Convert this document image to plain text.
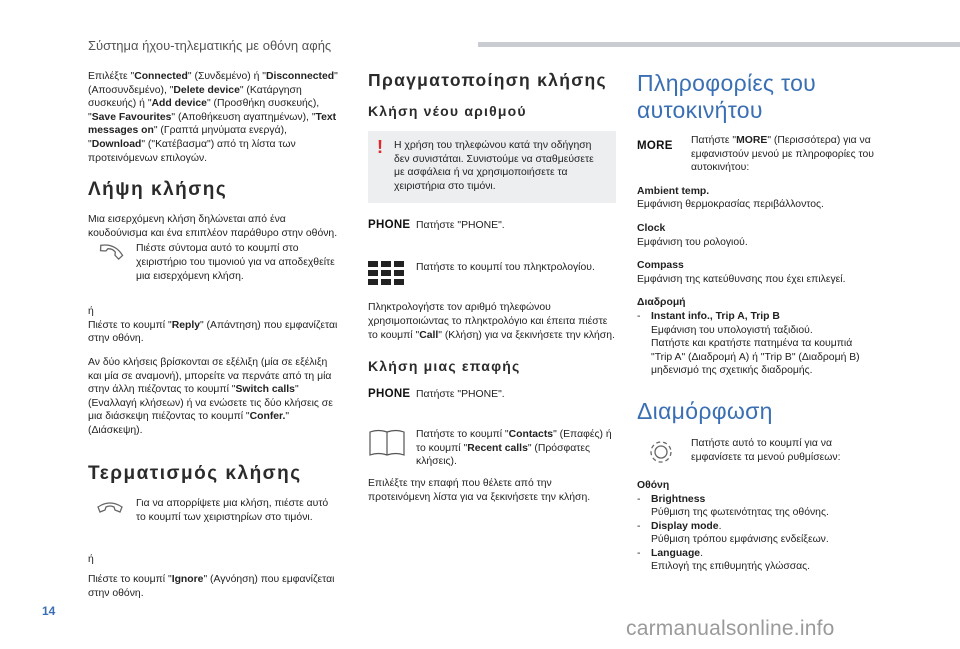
Σύστημα ήχου-τηλεματικής με οθόνη αφής

Επιλέξτε "Connected" (Συνδεμένο) ή "Disconnected" (Αποσυνδεμένο), "Delete device" (Κατάργηση συσκευής) ή "Add device" (Προσθήκη συσκευής), "Save Favourites" (Αποθήκευση αγαπημένων), "Text messages on" (Γραπτά μηνύματα ενεργά), "Download" ("Κατέβασμα") από τη λίστα των προτεινόμενων επιλογών.

Λήψη κλήσης

Μια εισερχόμενη κλήση δηλώνεται από ένα κουδούνισμα και ένα επιπλέον παράθυρο στην οθόνη.

Πιέστε σύντομα αυτό το κουμπί στο χειριστήριο του τιμονιού για να αποδεχθείτε μια εισερχόμενη κλήση.

ή

Πιέστε το κουμπί "Reply" (Απάντηση) που εμφανίζεται στην οθόνη.

Αν δύο κλήσεις βρίσκονται σε εξέλιξη (μία σε εξέλιξη και μία σε αναμονή), μπορείτε να περνάτε από τη μία στην άλλη πιέζοντας το κουμπί "Switch calls" (Εναλλαγή κλήσεων) ή να ενώσετε τις δύο κλήσεις σε μια διάσκεψη πιέζοντας το κουμπί "Confer." (Διάσκεψη).

Τερματισμός κλήσης

Για να απορρίψετε μια κλήση, πιέστε αυτό το κουμπί των χειριστηρίων στο τιμόνι.

ή

Πιέστε το κουμπί "Ignore" (Αγνόηση) που εμφανίζεται στην οθόνη.

Πραγματοποίηση κλήσης
Κλήση νέου αριθμού
! Η χρήση του τηλεφώνου κατά την οδήγηση δεν συνιστάται. Συνιστούμε να σταθμεύσετε με ασφάλεια ή να χρησιμοποιήσετε τα χειριστήρια στο τιμόνι.

PHONE Πατήστε "PHONE".

Πατήστε το κουμπί του πληκτρολογίου.

Πληκτρολογήστε τον αριθμό τηλεφώνου χρησιμοποιώντας το πληκτρολόγιο και έπειτα πιέστε το κουμπί "Call" (Κλήση) για να ξεκινήσετε την κλήση.

Κλήση μιας επαφής
PHONE Πατήστε "PHONE".

Πατήστε το κουμπί "Contacts" (Επαφές) ή το κουμπί "Recent calls" (Πρόσφατες κλήσεις).

Επιλέξτε την επαφή που θέλετε από την προτεινόμενη λίστα για να ξεκινήσετε την κλήση.

Πληροφορίες του αυτοκινήτου
MORE	Πατήστε "MORE" (Περισσότερα) για να εμφανιστούν μενού με πληροφορίες του αυτοκινήτου:

Ambient temp.

Εμφάνιση θερμοκρασίας περιβάλλοντος.

Clock

Εμφάνιση του ρολογιού.

Compass

Εμφάνιση της κατεύθυνσης που έχει επιλεγεί.

Διαδρομή

-	Instant info., Trip A, Trip B

Εμφάνιση του υπολογιστή ταξιδιού.
Πατήστε και κρατήστε πατημένα τα κουμπιά "Trip A" (Διαδρομή A) ή "Trip B" (Διαδρομή B) μηδενισμό της σχετικής διαδρομής.

Διαμόρφωση

Πατήστε αυτό το κουμπί για να εμφανίσετε τα μενού ρυθμίσεων:

Οθόνη

-	Brightness

Ρύθμιση της φωτεινότητας της οθόνης.

-	Display mode.

Ρύθμιση τρόπου εμφάνισης ενδείξεων.

-	Language.

Επιλογή της επιθυμητής γλώσσας.

14
carmanualsonline.info
